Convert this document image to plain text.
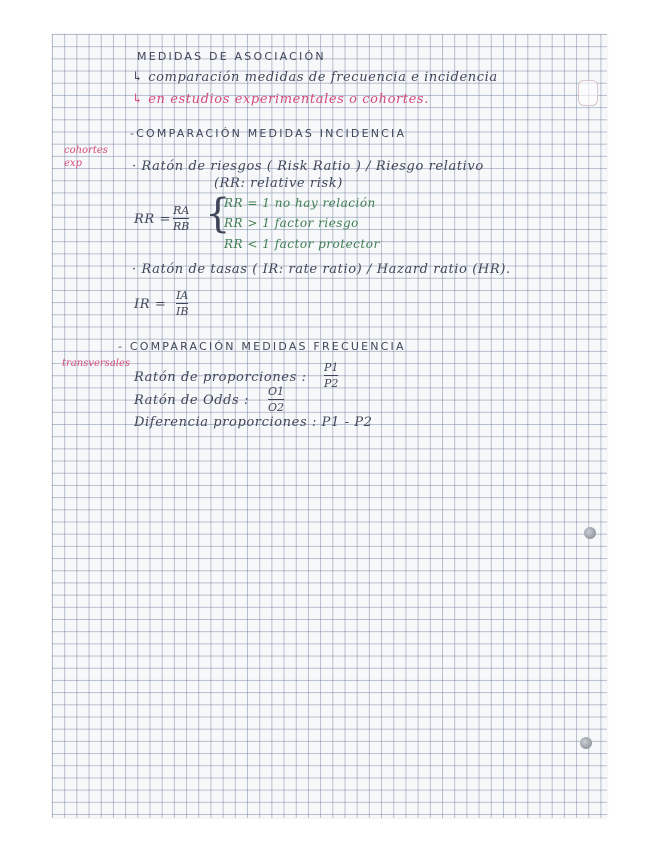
MEDIDAS DE ASOCIACIÓN
↳ comparación medidas de frecuencia e incidencia
↳ en estudios experimentales o cohortes.
cohortes exp
-COMPARACIÓN MEDIDAS INCIDENCIA
· Ratón de riesgos ( Risk Ratio ) / Riesgo relativo
(RR: relative risk)
RR =
RA
RB {
RR = 1 no hay relación
RR > 1 factor riesgo
RR < 1 factor protector
· Ratón de tasas ( IR: rate ratio) / Hazard ratio (HR).
IR =
IA
IB
transversales
- COMPARACIÓN MEDIDAS FRECUENCIA
Ratón de proporciones :
P1
P2
Ratón de Odds :
O1
O2
Diferencia proporciones : P1 - P2
